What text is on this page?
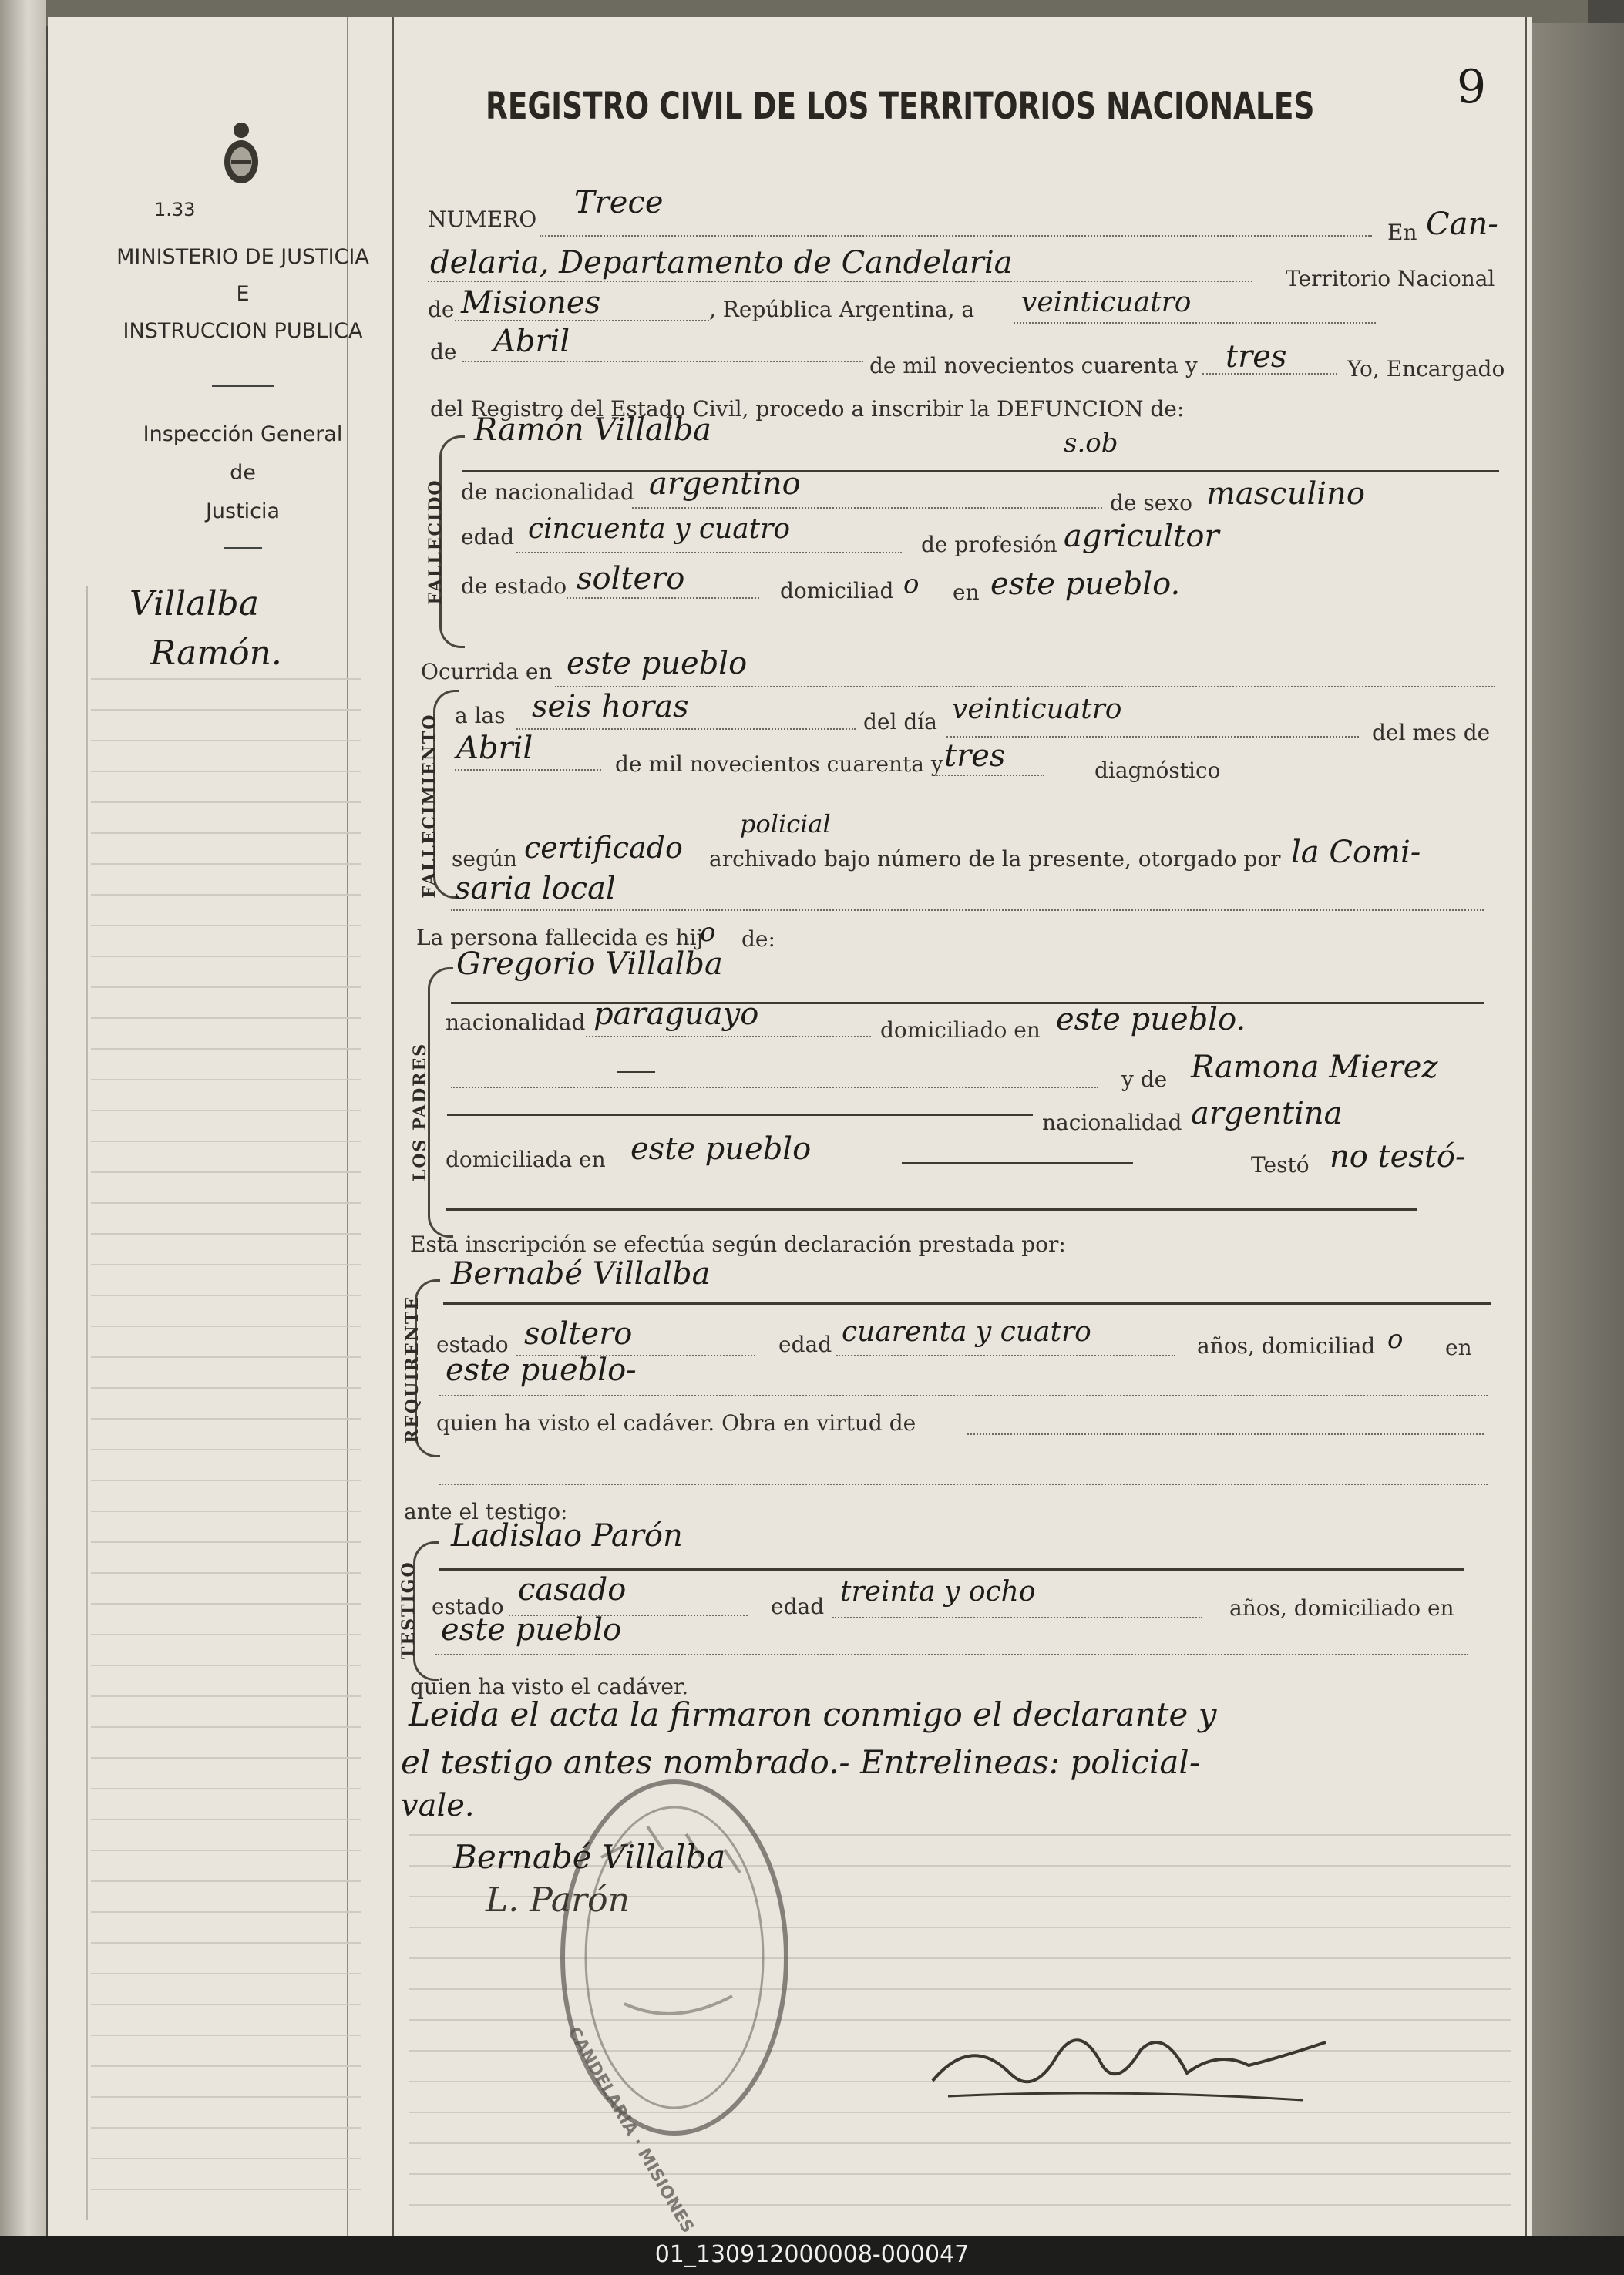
9
1.33
MINISTERIO DE JUSTICIA
E
INSTRUCCION PUBLICA
Inspección General
de
Justicia
Villalba
Ramón.
REGISTRO CIVIL DE LOS TERRITORIOS NACIONALES
NUMERO Trece
En Can-
delaria, Departamento de Candelaria	Territorio Nacional
de Misiones	, República Argentina, a veinticuatro
de Abril
de mil novecientos cuarenta y tres	Yo, Encargado
del Registro del Estado Civil, procedo a inscribir la DEFUNCION de:
FALLECIDO
Ramón Villalba	s.ob
de nacionalidad argentino
de sexo masculino
edad cincuenta y cuatro	de profesión agricultor
de estado soltero	domiciliad o en este pueblo.
Ocurrida en este pueblo
FALLECIMIENTO a las seis horas	del día veinticuatro
del mes de
Abril	de mil novecientos cuarenta y tres	diagnóstico
policial
según certificado archivado bajo número de la presente, otorgado por la Comi-
saria local
La persona fallecida es hij
o de:
LOS PADRES
Gregorio Villalba
nacionalidad paraguayo	domiciliado en este pueblo.
y de Ramona Mierez
nacionalidad argentina
domiciliada en este pueblo	Testó no testó-
Esta inscripción se efectúa según declaración prestada por:
REQUIRENTE
Bernabé Villalba
estado soltero	edad cuarenta y cuatro	años, domiciliad o en
este pueblo-
quien ha visto el cadáver. Obra en virtud de
ante el testigo:
TESTIGO
Ladislao Parón
estado casado	edad treinta y ocho
años, domiciliado en
este pueblo
quien ha visto el cadáver.
Leida el acta la firmaron conmigo el declarante y
el testigo antes nombrado.- Entrelineas: policial-
vale.
CANDELARIA · MISIONES
Bernabé Villalba
L. Parón
01_130912000008-000047
